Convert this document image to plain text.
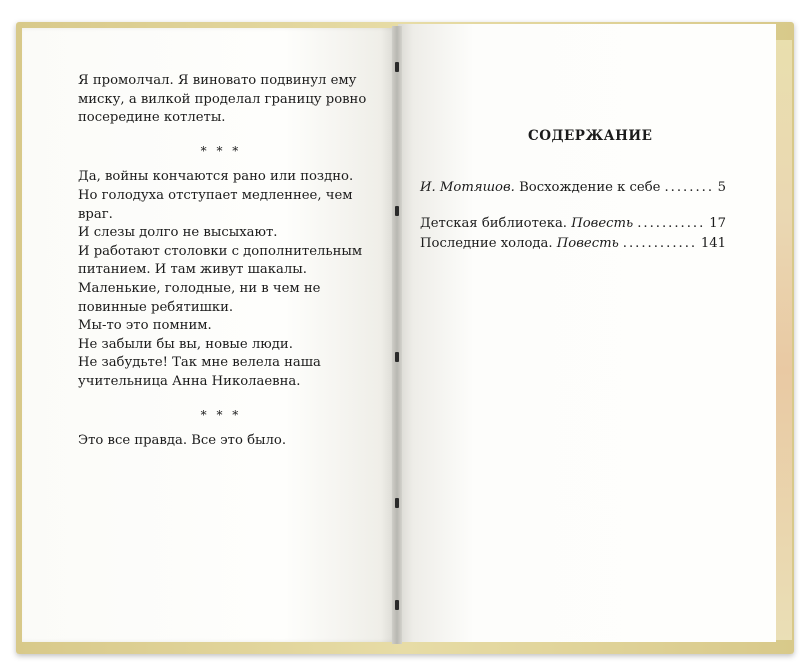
Я промолчал. Я виновато подвинул ему миску, а вилкой проделал границу ровно посередине котлеты.

* * *

Да, войны кончаются рано или поздно.

Но голодуха отступает медленнее, чем враг.

И слезы долго не высыхают.

И работают столовки с дополнительным питанием. И там живут шакалы. Маленькие, голодные, ни в чем не повинные ребятишки.

Мы-то это помним.

Не забыли бы вы, новые люди.

Не забудьте! Так мне велела наша учительница Анна Николаевна.

* * *

Это все правда. Все это было.

СОДЕРЖАНИЕ
И. Мотяшов.
Восхождение к себе ........ 5
Детская библиотека.
Повесть ........... 17
Последние холода.
Повесть ............ 141
